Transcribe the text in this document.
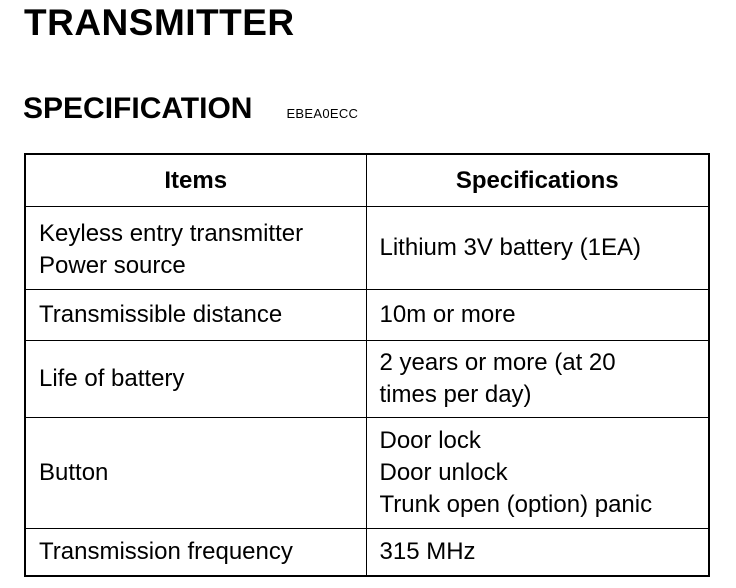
TRANSMITTER
SPECIFICATION	EBEA0ECC
Items	Specifications

Keyless entry transmitter
Power source	Lithium 3V battery (1EA)

Transmissible distance	10m or more

Life of battery	2 years or more (at 20
times per day)

Button	Door lock
Door unlock
Trunk open (option) panic

Transmission frequency	315 MHz
